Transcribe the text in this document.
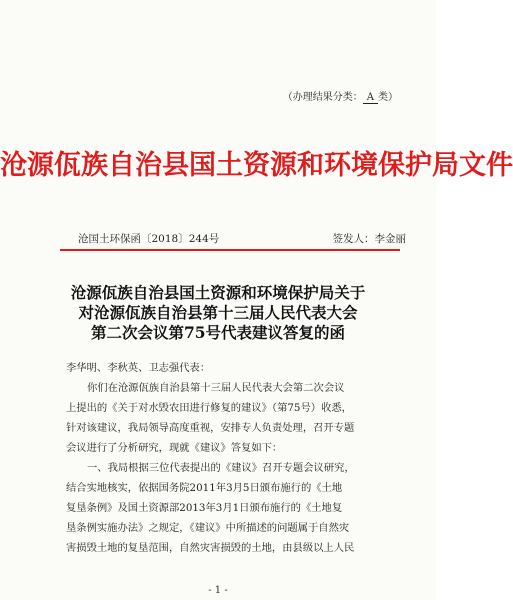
（办理结果分类： A 类）
沧源佤族自治县国土资源和环境保护局文件
沧国土环保函〔2018〕244号	签发人：李金丽
沧源佤族自治县国土资源和环境保护局关于
对沧源佤族自治县第十三届人民代表大会
第二次会议第75号代表建议答复的函

李华明、李秋英、卫志强代表：

你们在沧源佤族自治县第十三届人民代表大会第二次会议

上提出的《关于对水毁农田进行修复的建议》（第75号）收悉，

针对该建议，我局领导高度重视，安排专人负责处理，召开专题

会议进行了分析研究，现就《建议》答复如下：

一、我局根据三位代表提出的《建议》召开专题会议研究，

结合实地核实，依据国务院2011年3月5日颁布施行的《土地

复垦条例》及国土资源部2013年3月1日颁布施行的《土地复

垦条例实施办法》之规定，《建议》中所描述的问题属于自然灾

害损毁土地的复垦范围，自然灾害损毁的土地，由县级以上人民

- 1 -
